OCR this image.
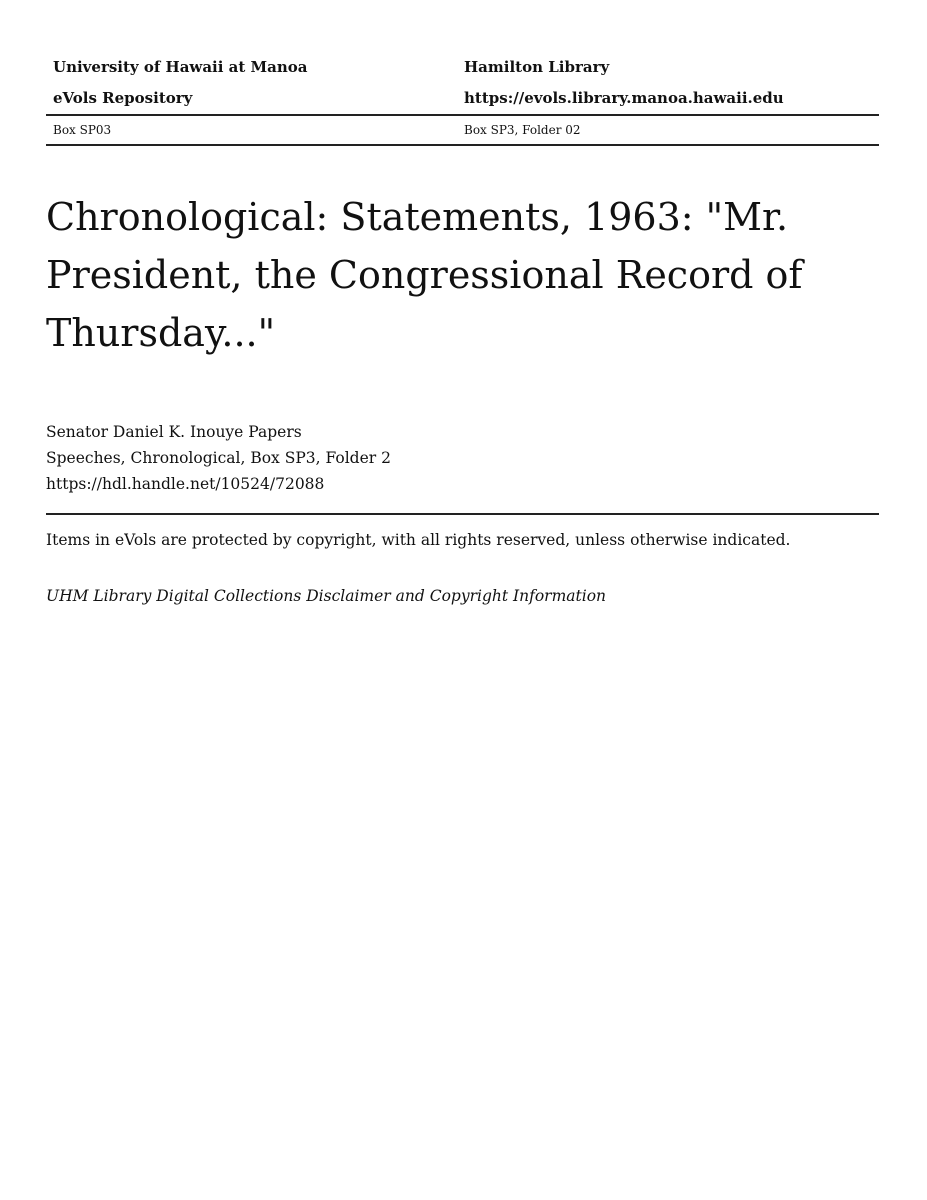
University of Hawaii at Manoa	Hamilton Library
eVols Repository	https://evols.library.manoa.hawaii.edu
Box SP03	Box SP3, Folder 02
Chronological: Statements, 1963: "Mr. President, the Congressional Record of Thursday..."
Senator Daniel K. Inouye Papers
Speeches, Chronological, Box SP3, Folder 2
https://hdl.handle.net/10524/72088
Items in eVols are protected by copyright, with all rights reserved, unless otherwise indicated.
UHM Library Digital Collections Disclaimer and Copyright Information
